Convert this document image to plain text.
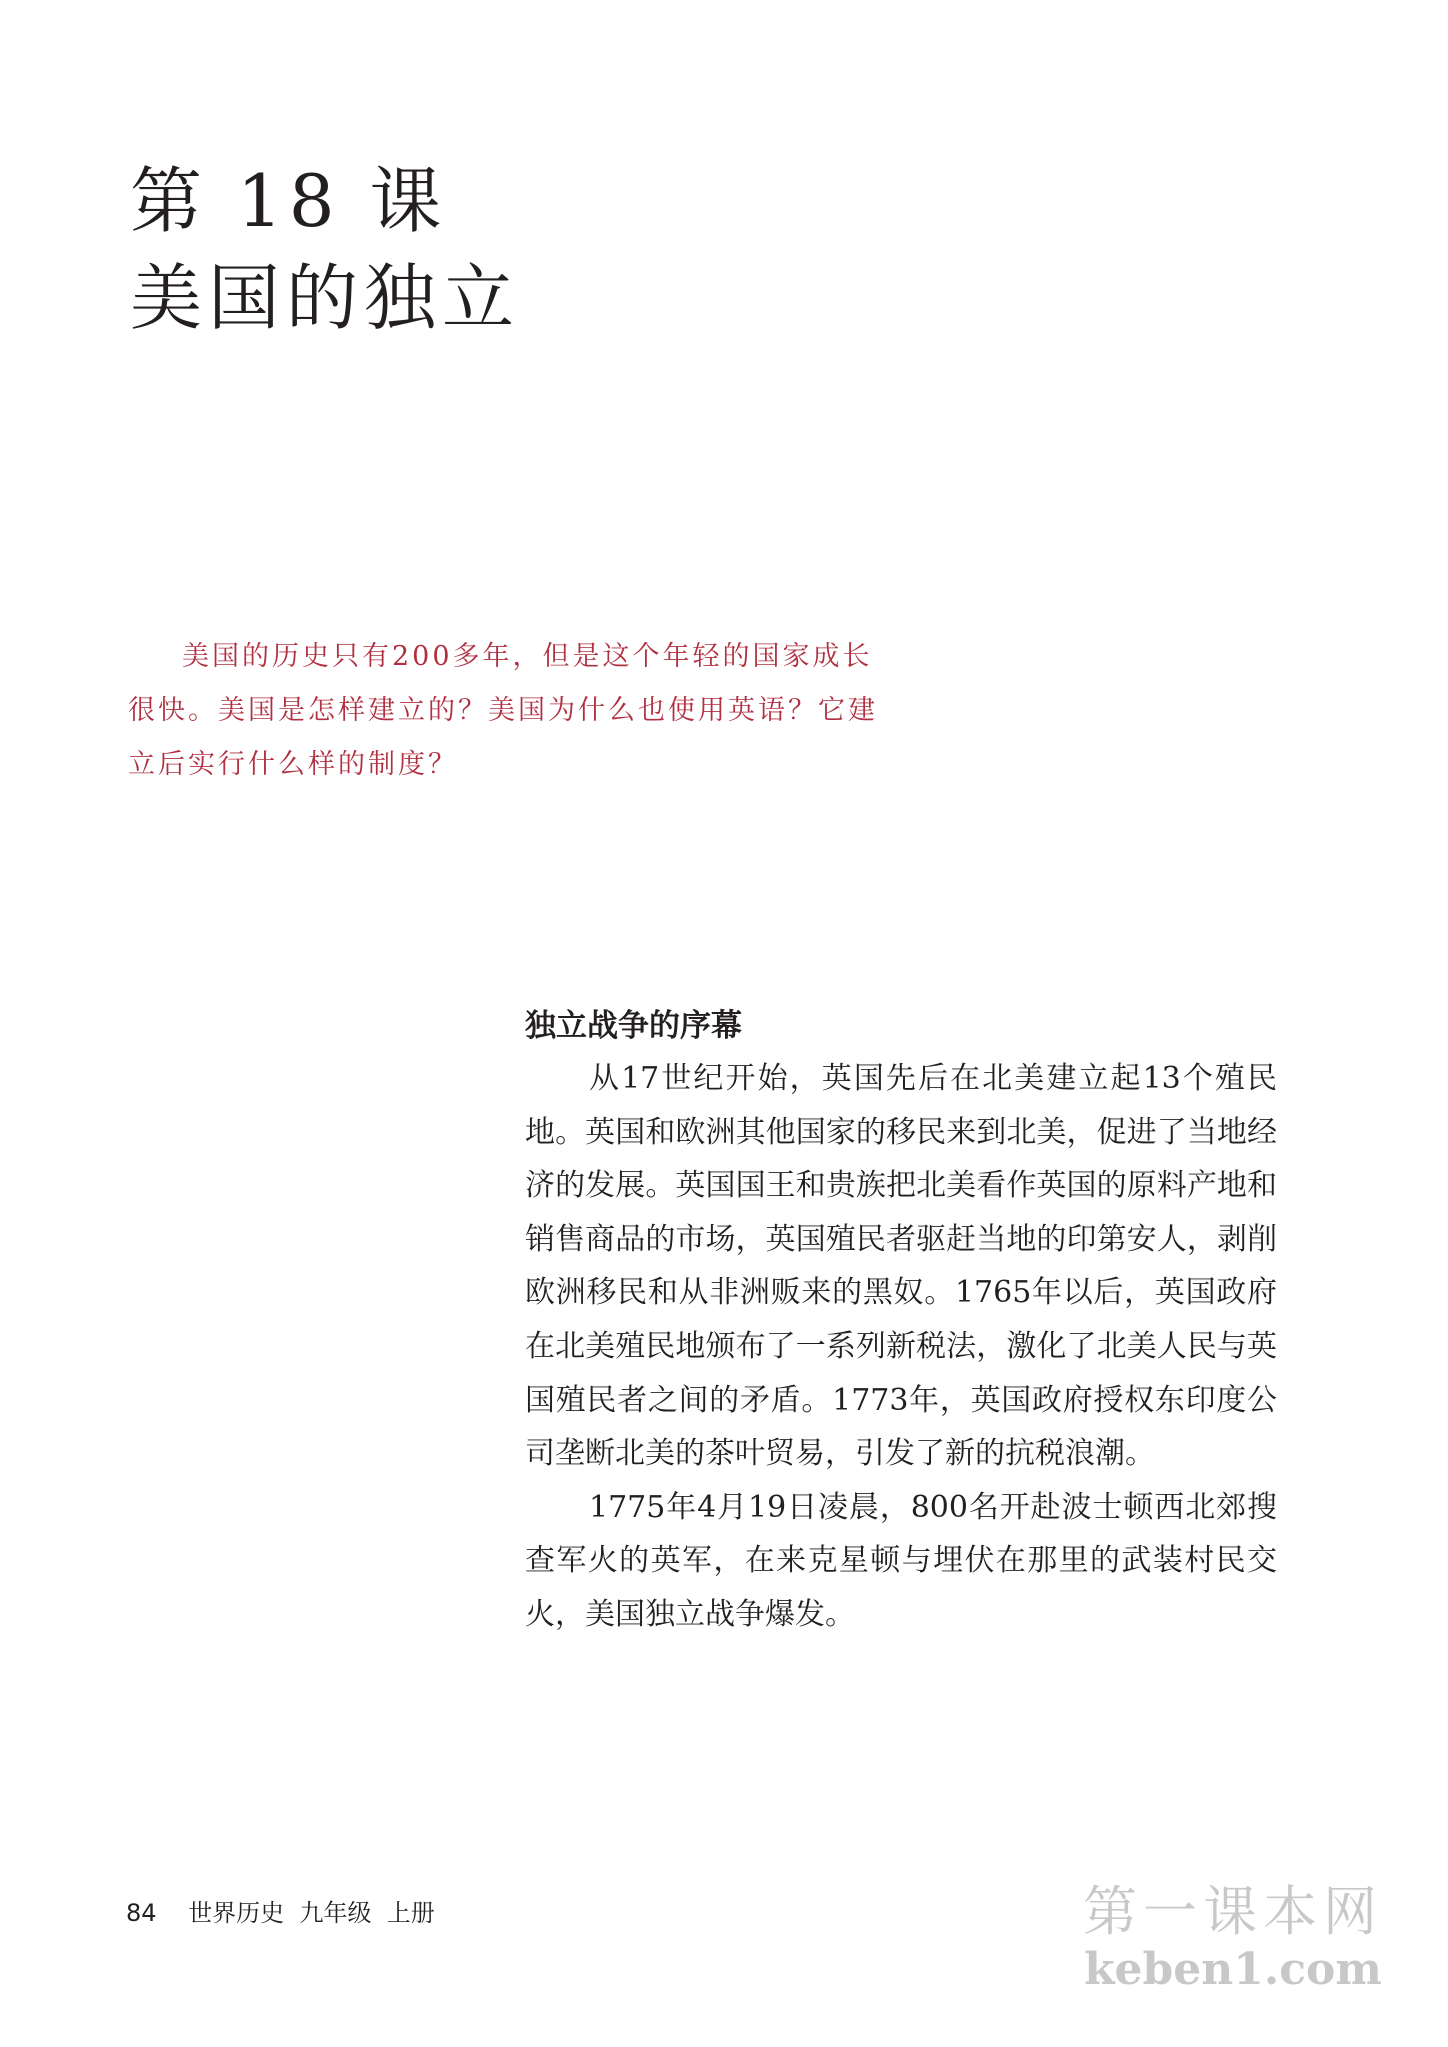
第 18 课
美国的独立

美国的历史只有200多年，但是这个年轻的国家成长很快。美国是怎样建立的？美国为什么也使用英语？它建立后实行什么样的制度？

独立战争的序幕

从17世纪开始，英国先后在北美建立起13个殖民地。英国和欧洲其他国家的移民来到北美，促进了当地经济的发展。英国国王和贵族把北美看作英国的原料产地和销售商品的市场，英国殖民者驱赶当地的印第安人，剥削欧洲移民和从非洲贩来的黑奴。1765年以后，英国政府在北美殖民地颁布了一系列新税法，激化了北美人民与英国殖民者之间的矛盾。1773年，英国政府授权东印度公司垄断北美的茶叶贸易，引发了新的抗税浪潮。

1775年4月19日凌晨，800名开赴波士顿西北郊搜查军火的英军，在来克星顿与埋伏在那里的武装村民交火，美国独立战争爆发。

84 世界历史  九年级  上册	第一课本网
keben1.com
